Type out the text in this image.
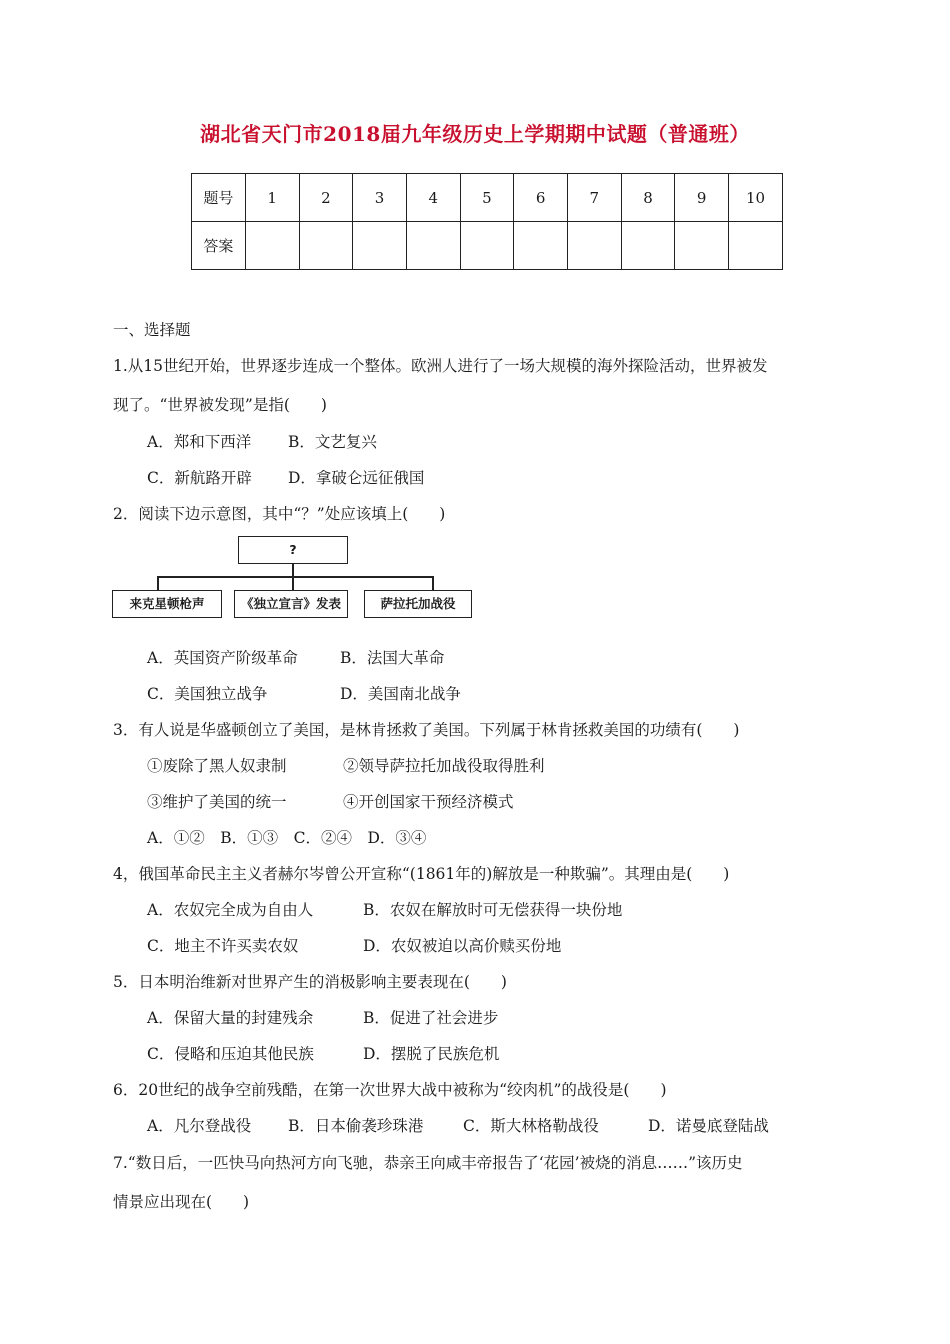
湖北省天门市2018届九年级历史上学期期中试题（普通班）
题号	1	2	3	4	5	6	7	8	9	10
答案										
一、选择题
1.从15世纪开始，世界逐步连成一个整体。欧洲人进行了一场大规模的海外探险活动，世界被发
现了。“世界被发现”是指(　　)
A．郑和下西洋 B．文艺复兴
C．新航路开辟 D．拿破仑远征俄国
2．阅读下边示意图，其中“？”处应该填上(　　)
?
来克星顿枪声	《独立宣言》发表	萨拉托加战役
A．英国资产阶级革命	B．法国大革命
C．美国独立战争	D．美国南北战争
3．有人说是华盛顿创立了美国，是林肯拯救了美国。下列属于林肯拯救美国的功绩有(　　)
①废除了黑人奴隶制	②领导萨拉托加战役取得胜利
③维护了美国的统一	④开创国家干预经济模式
A．①②　B．①③　C．②④　D．③④
4，俄国革命民主主义者赫尔岑曾公开宣称“(1861年的)解放是一种欺骗”。其理由是(　　)
A．农奴完全成为自由人	B．农奴在解放时可无偿获得一块份地
C．地主不许买卖农奴	D．农奴被迫以高价赎买份地
5．日本明治维新对世界产生的消极影响主要表现在(　　)
A．保留大量的封建残余	B．促进了社会进步
C．侵略和压迫其他民族	D．摆脱了民族危机
6．20世纪的战争空前残酷，在第一次世界大战中被称为“绞肉机”的战役是(　　)
A．凡尔登战役 B．日本偷袭珍珠港	C．斯大林格勒战役	D．诺曼底登陆战
7.“数日后，一匹快马向热河方向飞驰，恭亲王向咸丰帝报告了‘花园’被烧的消息……”该历史
情景应出现在(　　)
